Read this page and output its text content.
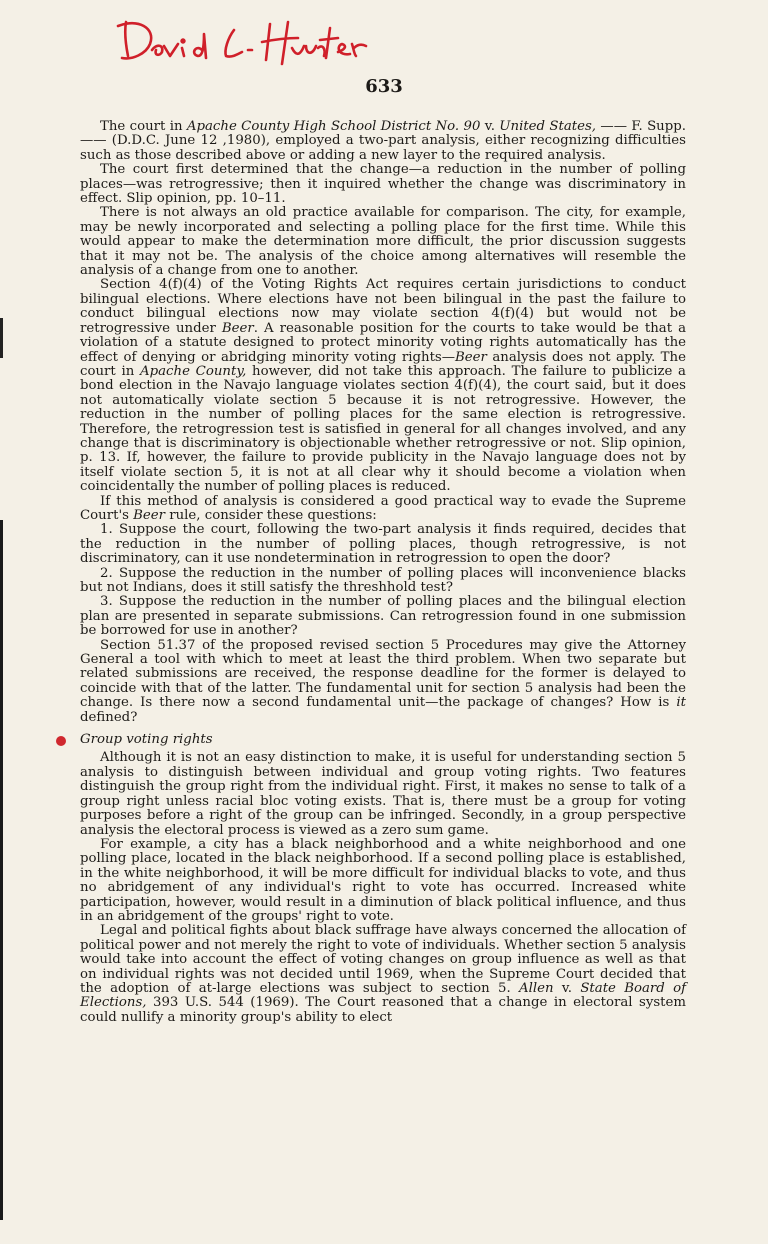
633

The court in Apache County High School District No. 90 v. United States, —— F. Supp. —— (D.D.C. June 12 ,1980), employed a two-part analysis, either recognizing difficulties such as those described above or adding a new layer to the required analysis.

The court first determined that the change—a reduction in the number of polling places—was retrogressive; then it inquired whether the change was discriminatory in effect. Slip opinion, pp. 10–11.

There is not always an old practice available for comparison. The city, for example, may be newly incorporated and selecting a polling place for the first time. While this would appear to make the determination more difficult, the prior discussion suggests that it may not be. The analysis of the choice among alternatives will resemble the analysis of a change from one to another.

Section 4(f)(4) of the Voting Rights Act requires certain jurisdictions to conduct bilingual elections. Where elections have not been bilingual in the past the failure to conduct bilingual elections now may violate section 4(f)(4) but would not be retrogressive under Beer. A reasonable position for the courts to take would be that a violation of a statute designed to protect minority voting rights automatically has the effect of denying or abridging minority voting rights—Beer analysis does not apply. The court in Apache County, however, did not take this approach. The failure to publicize a bond election in the Navajo language violates section 4(f)(4), the court said, but it does not automatically violate section 5 because it is not retrogressive. However, the reduction in the number of polling places for the same election is retrogressive. Therefore, the retrogression test is satisfied in general for all changes involved, and any change that is discriminatory is objectionable whether retrogressive or not. Slip opinion, p. 13. If, however, the failure to provide publicity in the Navajo language does not by itself violate section 5, it is not at all clear why it should become a violation when coincidentally the number of polling places is reduced.

If this method of analysis is considered a good practical way to evade the Supreme Court's Beer rule, consider these questions:

1. Suppose the court, following the two-part analysis it finds required, decides that the reduction in the number of polling places, though retrogressive, is not discriminatory, can it use nondetermination in retrogression to open the door?

2. Suppose the reduction in the number of polling places will inconvenience blacks but not Indians, does it still satisfy the threshhold test?

3. Suppose the reduction in the number of polling places and the bilingual election plan are presented in separate submissions. Can retrogression found in one submission be borrowed for use in another?

Section 51.37 of the proposed revised section 5 Procedures may give the Attorney General a tool with which to meet at least the third problem. When two separate but related submissions are received, the response deadline for the former is delayed to coincide with that of the latter. The fundamental unit for section 5 analysis had been the change. Is there now a second fundamental unit—the package of changes? How is it defined?

Group voting rights

Although it is not an easy distinction to make, it is useful for understanding section 5 analysis to distinguish between individual and group voting rights. Two features distinguish the group right from the individual right. First, it makes no sense to talk of a group right unless racial bloc voting exists. That is, there must be a group for voting purposes before a right of the group can be infringed. Secondly, in a group perspective analysis the electoral process is viewed as a zero sum game.

For example, a city has a black neighborhood and a white neighborhood and one polling place, located in the black neighborhood. If a second polling place is established, in the white neighborhood, it will be more difficult for individual blacks to vote, and thus no abridgement of any individual's right to vote has occurred. Increased white participation, however, would result in a diminution of black political influence, and thus in an abridgement of the groups' right to vote.

Legal and political fights about black suffrage have always concerned the allocation of political power and not merely the right to vote of individuals. Whether section 5 analysis would take into account the effect of voting changes on group influence as well as that on individual rights was not decided until 1969, when the Supreme Court decided that the adoption of at-large elections was subject to section 5. Allen v. State Board of Elections, 393 U.S. 544 (1969). The Court reasoned that a change in electoral system could nullify a minority group's ability to elect
